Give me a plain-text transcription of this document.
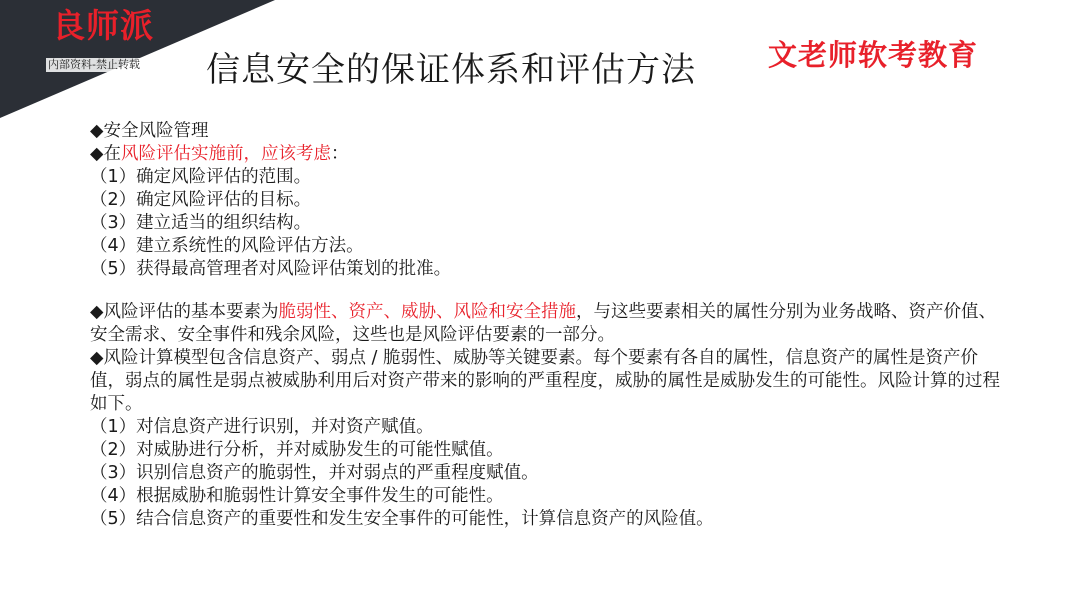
良师派
内部资料-禁止转载 信息安全的保证体系和评估方法 文老师软考教育
◆安全风险管理
◆在风险评估实施前，应该考虑：
（1）确定风险评估的范围。
（2）确定风险评估的目标。
（3）建立适当的组织结构。
（4）建立系统性的风险评估方法。
（5）获得最高管理者对风险评估策划的批准。
◆风险评估的基本要素为脆弱性、资产、威胁、风险和安全措施，与这些要素相关的属性分别为业务战略、资产价值、安全需求、安全事件和残余风险，这些也是风险评估要素的一部分。
◆风险计算模型包含信息资产、弱点 / 脆弱性、威胁等关键要素。每个要素有各自的属性，信息资产的属性是资产价值，弱点的属性是弱点被威胁利用后对资产带来的影响的严重程度，威胁的属性是威胁发生的可能性。风险计算的过程如下。
（1）对信息资产进行识别，并对资产赋值。
（2）对威胁进行分析，并对威胁发生的可能性赋值。
（3）识别信息资产的脆弱性，并对弱点的严重程度赋值。
（4）根据威胁和脆弱性计算安全事件发生的可能性。
（5）结合信息资产的重要性和发生安全事件的可能性，计算信息资产的风险值。
